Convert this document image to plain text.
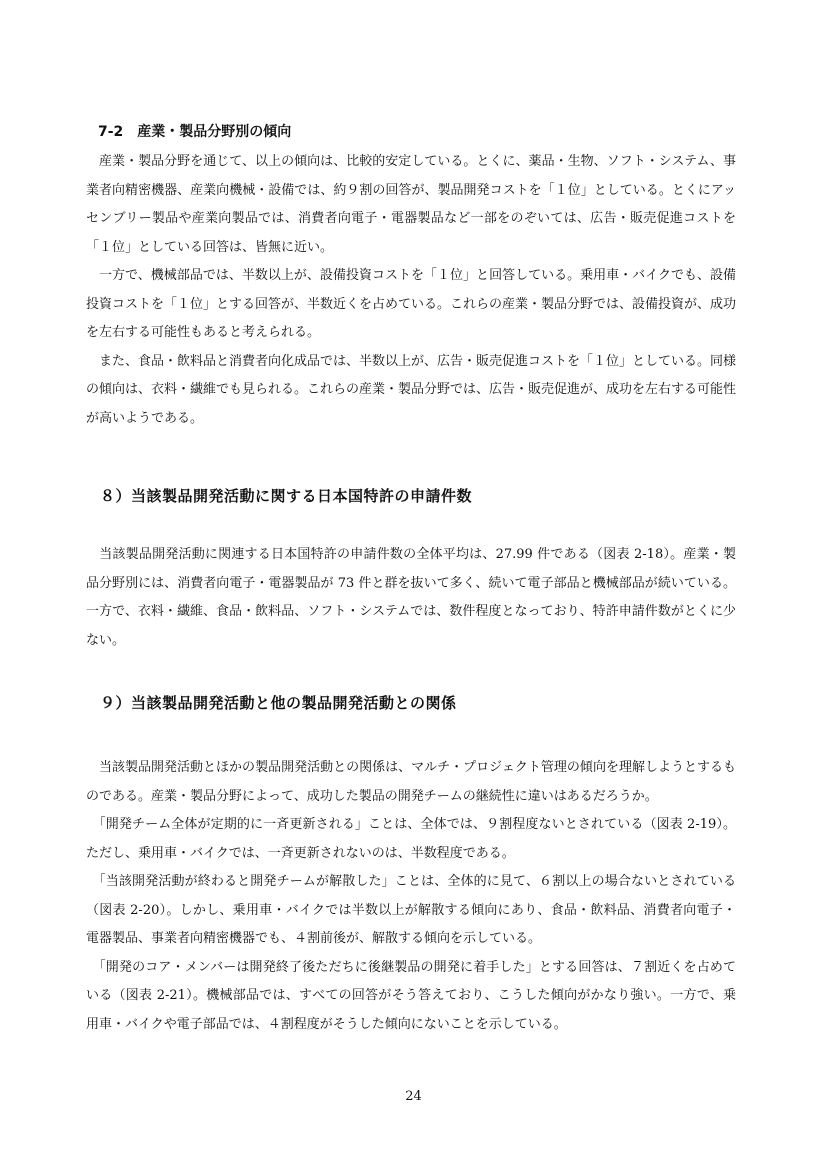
7-2　産業・製品分野別の傾向

　産業・製品分野を通じて、以上の傾向は、比較的安定している。とくに、薬品・生物、ソフト・システム、事業者向精密機器、産業向機械・設備では、約９割の回答が、製品開発コストを「１位」としている。とくにアッセンブリー製品や産業向製品では、消費者向電子・電器製品など一部をのぞいては、広告・販売促進コストを「１位」としている回答は、皆無に近い。

　一方で、機械部品では、半数以上が、設備投資コストを「１位」と回答している。乗用車・バイクでも、設備投資コストを「１位」とする回答が、半数近くを占めている。これらの産業・製品分野では、設備投資が、成功を左右する可能性もあると考えられる。

　また、食品・飲料品と消費者向化成品では、半数以上が、広告・販売促進コストを「１位」としている。同様の傾向は、衣料・繊維でも見られる。これらの産業・製品分野では、広告・販売促進が、成功を左右する可能性が高いようである。

８）当該製品開発活動に関する日本国特許の申請件数

　当該製品開発活動に関連する日本国特許の申請件数の全体平均は、27.99 件である（図表 2-18）。産業・製品分野別には、消費者向電子・電器製品が 73 件と群を抜いて多く、続いて電子部品と機械部品が続いている。一方で、衣料・繊維、食品・飲料品、ソフト・システムでは、数件程度となっており、特許申請件数がとくに少ない。

９）当該製品開発活動と他の製品開発活動との関係

　当該製品開発活動とほかの製品開発活動との関係は、マルチ・プロジェクト管理の傾向を理解しようとするものである。産業・製品分野によって、成功した製品の開発チームの継続性に違いはあるだろうか。

　「開発チーム全体が定期的に一斉更新される」ことは、全体では、９割程度ないとされている（図表 2-19）。ただし、乗用車・バイクでは、一斉更新されないのは、半数程度である。

　「当該開発活動が終わると開発チームが解散した」ことは、全体的に見て、６割以上の場合ないとされている（図表 2-20）。しかし、乗用車・バイクでは半数以上が解散する傾向にあり、食品・飲料品、消費者向電子・電器製品、事業者向精密機器でも、４割前後が、解散する傾向を示している。

　「開発のコア・メンバーは開発終了後ただちに後継製品の開発に着手した」とする回答は、７割近くを占めている（図表 2-21）。機械部品では、すべての回答がそう答えており、こうした傾向がかなり強い。一方で、乗用車・バイクや電子部品では、４割程度がそうした傾向にないことを示している。

24
